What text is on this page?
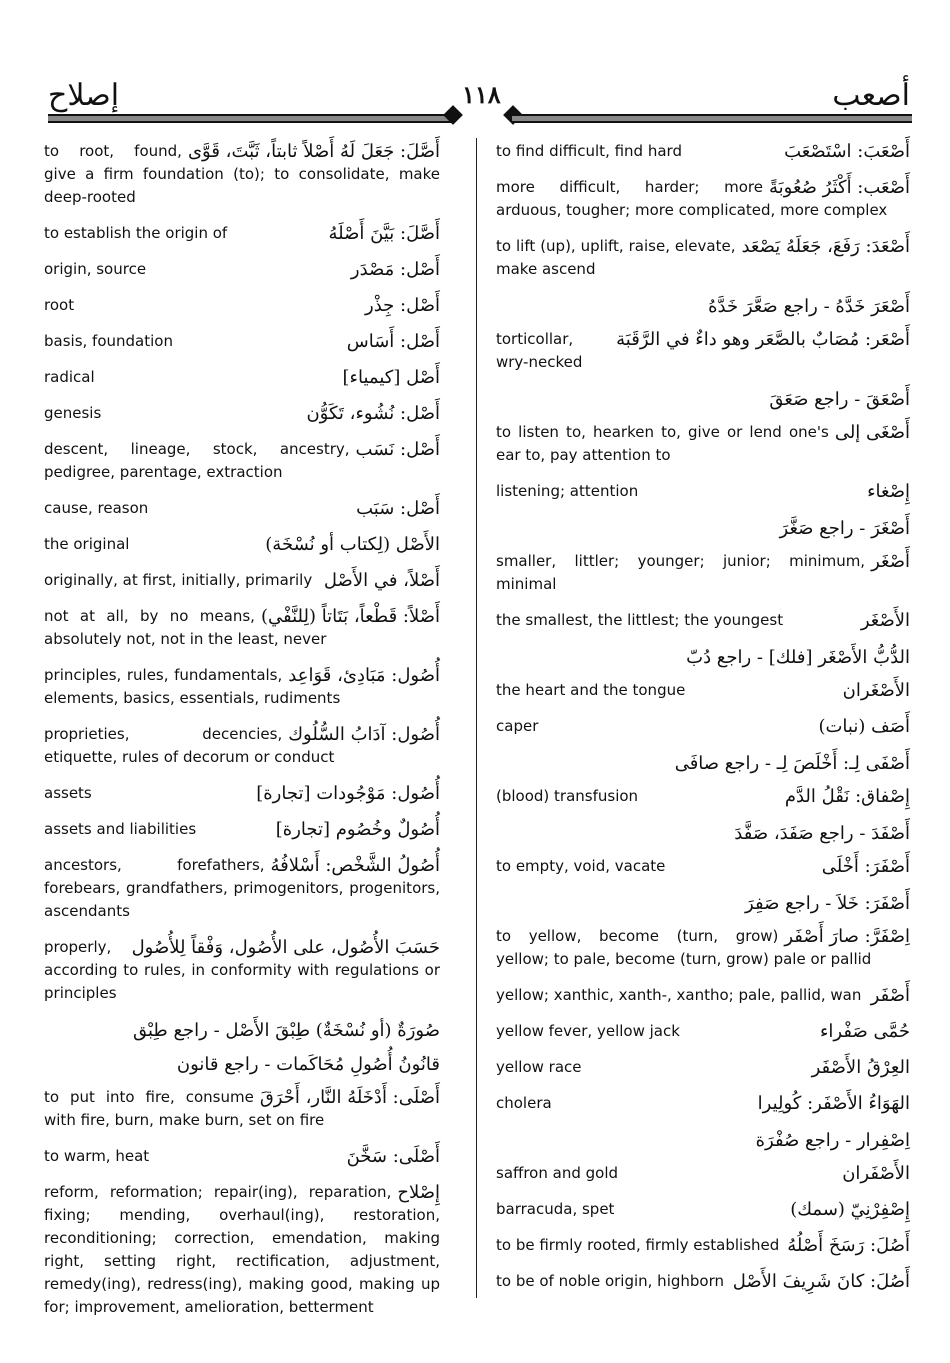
إصلاح	١١٨	أصعب
أَصَّلَ: جَعَلَ لَهُ أَصْلاً ثابتاً، ثَبَّتَ، قَوَّى
to root, found, give a firm foundation (to); to consolidate, make deep-rooted
أَصَّلَ: بَيَّنَ أَصْلَهُ
to establish the origin of
أَصْل: مَصْدَر
origin, source
أَصْل: جِذْر
root
أَصْل: أَسَاس
basis, foundation
أَصْل [كيمياء]
radical
أَصْل: نُشُوء، تَكَوُّن
genesis
أَصْل: نَسَب
descent, lineage, stock, ancestry, pedigree, parentage, extraction
أَصْل: سَبَب
cause, reason
الأَصْل (لِكتاب أو نُسْخَة)
the original
أَصْلاً، في الأَصْل
originally, at first, initially, primarily
أَصْلاً: قَطْعاً، بَتَاتاً (لِلنَّفْي)
not at all, by no means, absolutely not, not in the least, never
أُصُول: مَبَادِئ، قَوَاعِد
principles, rules, fundamentals, elements, basics, essentials, rudiments
أُصُول: آدَابُ السُّلُوك
proprieties, decencies, etiquette, rules of decorum or conduct
أُصُول: مَوْجُودات [تجارة]
assets
أُصُولٌ وخُصُوم [تجارة]
assets and liabilities
أُصُولُ الشَّخْص: أَسْلافُهُ
ancestors, forefathers, forebears, grandfathers, primogenitors, progenitors, ascendants
حَسَبَ الأُصُول، على الأُصُول، وَفْقاً لِلأُصُول
properly, according to rules, in conformity with regulations or principles
صُورَةٌ (أو نُسْخَةٌ) طِبْقَ الأَصْل - راجع طِبْق
قانُونُ أُصُولِ مُحَاكَمات - راجع قانون
أَصْلَى: أَدْخَلَهُ النَّار، أَحْرَقَ
to put into fire, consume with fire, burn, make burn, set on fire
أَصْلَى: سَخَّنَ
to warm, heat
إِصْلاح
reform, reformation; repair(ing), reparation, fixing; mending, overhaul(ing), restoration, reconditioning; correction, emendation, making right, setting right, rectification, adjustment, remedy(ing), redress(ing), making good, making up for; improvement, amelioration, betterment
أَصْعَبَ: اسْتَصْعَبَ
to find difficult, find hard
أَصْعَب: أَكْثَرُ صُعُوبَةً
more difficult, harder; more arduous, tougher; more complicated, more complex
أَصْعَدَ: رَفَعَ، جَعَلَهُ يَصْعَد
to lift (up), uplift, raise, elevate, make ascend
أَصْعَرَ خَدَّهُ - راجع صَعَّرَ خَدَّهُ
أَصْعَر: مُصَابٌ بالصَّعَر وهو داءٌ في الرَّقَبَة
torticollar, wry-necked
أَصْعَقَ - راجع صَعَقَ
أَصْغَى إلى
to listen to, hearken to, give or lend one's ear to, pay attention to
إِصْغاء
listening; attention
أَصْغَرَ - راجع صَغَّرَ
أَصْغَر
smaller, littler; younger; junior; minimum, minimal
الأَصْغَر
the smallest, the littlest; the youngest
الدُّبُّ الأَصْغَر [فلك] - راجع دُبّ
الأَصْغَران
the heart and the tongue
أَصَف (نبات)
caper
أَصْفَى لِـ: أَخْلَصَ لِـ - راجع صافَى
إِصْفاق: نَقْلُ الدَّم
(blood) transfusion
أَصْفَدَ - راجع صَفَدَ، صَفَّدَ
أَصْفَرَ: أَخْلَى
to empty, void, vacate
أَصْفَرَ: خَلاَ - راجع صَفِرَ
اِصْفَرَّ: صارَ أَصْفَر
to yellow, become (turn, grow) yellow; to pale, become (turn, grow) pale or pallid
أَصْفَر
yellow; xanthic, xanth-, xantho; pale, pallid, wan
حُمَّى صَفْراء
yellow fever, yellow jack
العِرْقُ الأَصْفَر
yellow race
الهَوَاءُ الأَصْفَر: كُولِيرا
cholera
اِصْفِرار - راجع صُفْرَة
الأَصْفَران
saffron and gold
إِصْفِرْنِيّ (سمك)
barracuda, spet
أَصُلَ: رَسَخَ أَصْلُهُ
to be firmly rooted, firmly established
أَصُلَ: كانَ شَرِيفَ الأَصْل
to be of noble origin, highborn
